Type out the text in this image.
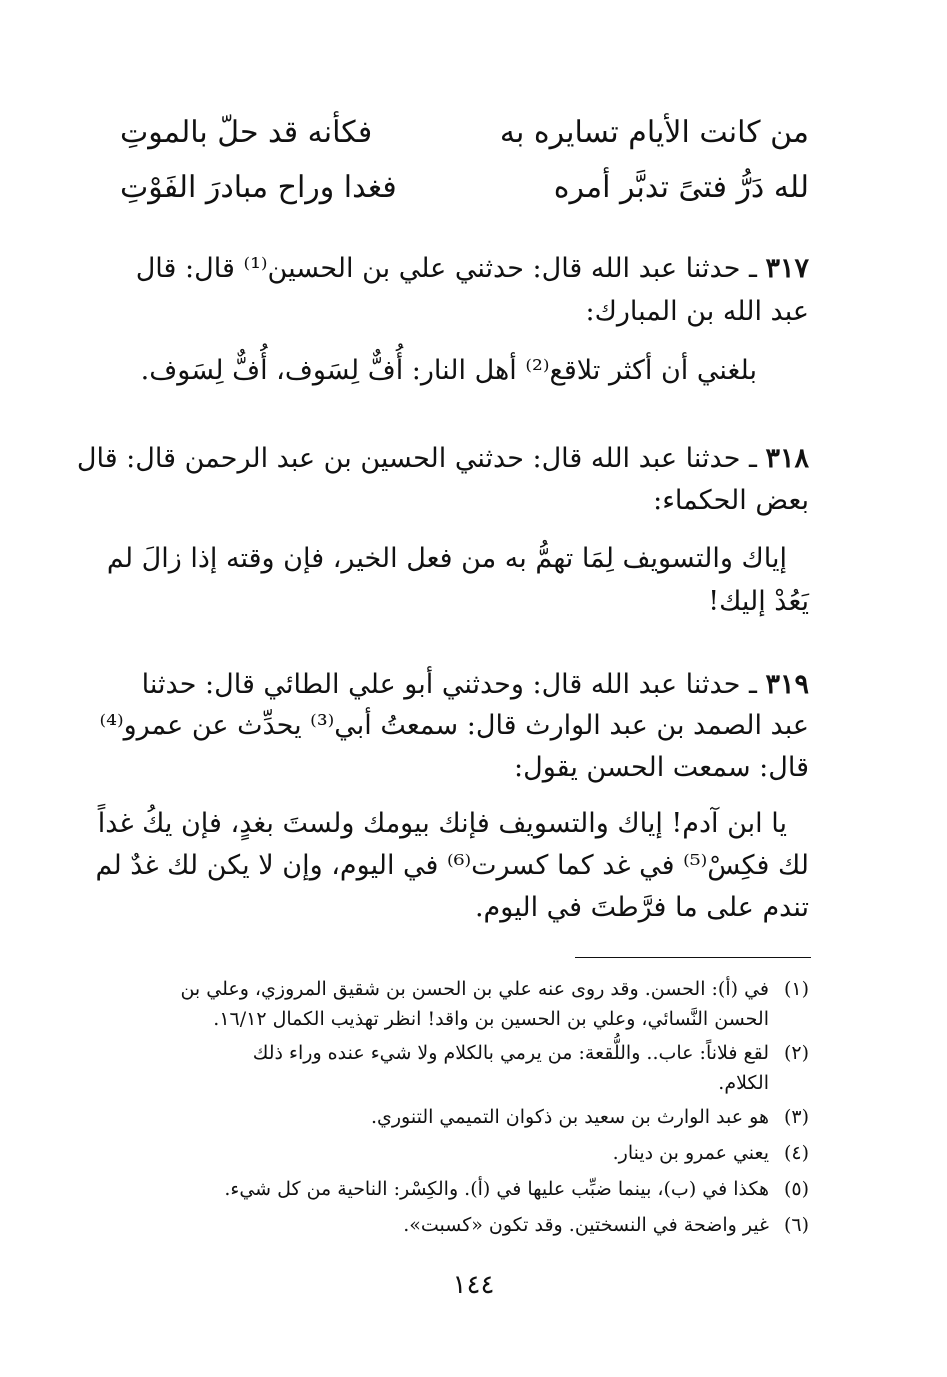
من كانت الأيام تسايره به
فكأنه قد حلّ بالموتِ
لله دَرُّ فتىً تدبَّر أمره
فغدا وراح مبادرَ الفَوْتِ
٣١٧ ـ حدثنا عبد الله قال: حدثني علي بن الحسين⁽¹⁾ قال: قال
عبد الله بن المبارك:
بلغني أن أكثر تلاقع⁽²⁾ أهل النار: أُفٌّ لِسَوف، أُفٌّ لِسَوف.
٣١٨ ـ حدثنا عبد الله قال: حدثني الحسين بن عبد الرحمن قال: قال
بعض الحكماء:
إياك والتسويف لِمَا تهمُّ به من فعل الخير، فإن وقته إذا زالَ لم
يَعُدْ إليك!
٣١٩ ـ حدثنا عبد الله قال: وحدثني أبو علي الطائي قال: حدثنا
عبد الصمد بن عبد الوارث قال: سمعتُ أبي⁽³⁾ يحدِّث عن عمرو⁽⁴⁾
قال: سمعت الحسن يقول:
يا ابن آدم! إياك والتسويف فإنك بيومك ولستَ بغدٍ، فإن يكُ غداً
لك فكِسْ⁽⁵⁾ في غد كما كسرت⁽⁶⁾ في اليوم، وإن لا يكن لك غدٌ لم
تندم على ما فرَّطتَ في اليوم.
(١)في (أ): الحسن. وقد روى عنه علي بن الحسن بن شقيق المروزي، وعلي بن
الحسن النَّسائي، وعلي بن الحسين بن واقد! انظر تهذيب الكمال ١٦/١٢.
(٢)لقع فلاناً: عاب.. واللُّقعة: من يرمي بالكلام ولا شيء عنده وراء ذلك
الكلام.
(٣)هو عبد الوارث بن سعيد بن ذكوان التميمي التنوري.
(٤)يعني عمرو بن دينار.
(٥)هكذا في (ب)، بينما ضبِّب عليها في (أ). والكِسْر: الناحية من كل شيء.
(٦)غير واضحة في النسختين. وقد تكون «كسبت».
١٤٤
